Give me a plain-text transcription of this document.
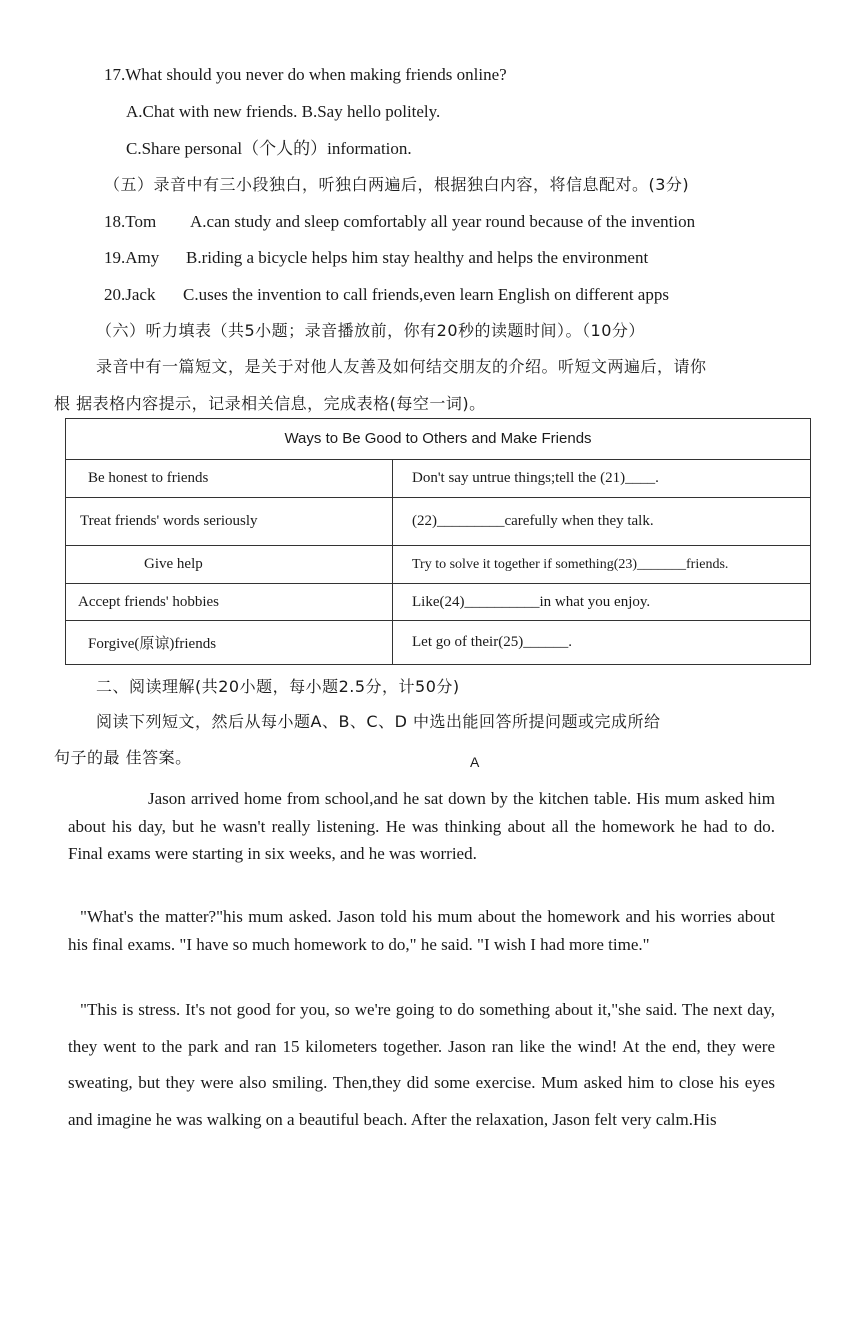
17.What should you never do when making friends online?
A.Chat with new friends. B.Say hello politely.
C.Share personal（个人的）information.
（五）录音中有三小段独白，听独白两遍后，根据独白内容，将信息配对。(3分)
18.Tom A.can study and sleep comfortably all year round because of the invention
19.Amy B.riding a bicycle helps him stay healthy and helps the environment
20.Jack C.uses the invention to call friends,even learn English on different apps
（六）听力填表（共5小题；录音播放前，你有20秒的读题时间）。（10分）
录音中有一篇短文，是关于对他人友善及如何结交朋友的介绍。听短文两遍后，请你
根 据表格内容提示，记录相关信息，完成表格(每空一词)。
Ways to Be Good to Others and Make Friends	
Be honest to friends	Don't say untrue things;tell the (21)____.
Treat friends' words seriously	(22)_________carefully when they talk.
Give help	Try to solve it together if something(23)_______friends.
Accept friends' hobbies	Like(24)__________in what you enjoy.
Forgive(原谅)friends	Let go of their(25)______.
二、阅读理解(共20小题，每小题2.5分，计50分)
阅读下列短文，然后从每小题A、B、C、D 中选出能回答所提问题或完成所给
句子的最 佳答案。	A

Jason arrived home from school,and he sat down by the kitchen table. His mum asked him about his day, but he wasn't really listening. He was thinking about all the homework he had to do. Final exams were starting in six weeks, and he was worried.

"What's the matter?"his mum asked. Jason told his mum about the homework and his worries about his final exams. "I have so much homework to do," he said. "I wish I had more time."

"This is stress. It's not good for you, so we're going to do something about it,"she said. The next day, they went to the park and ran 15 kilometers together. Jason ran like the wind! At the end, they were sweating, but they were also smiling. Then,they did some exercise. Mum asked him to close his eyes and imagine he was walking on a beautiful beach. After the relaxation, Jason felt very calm.His
